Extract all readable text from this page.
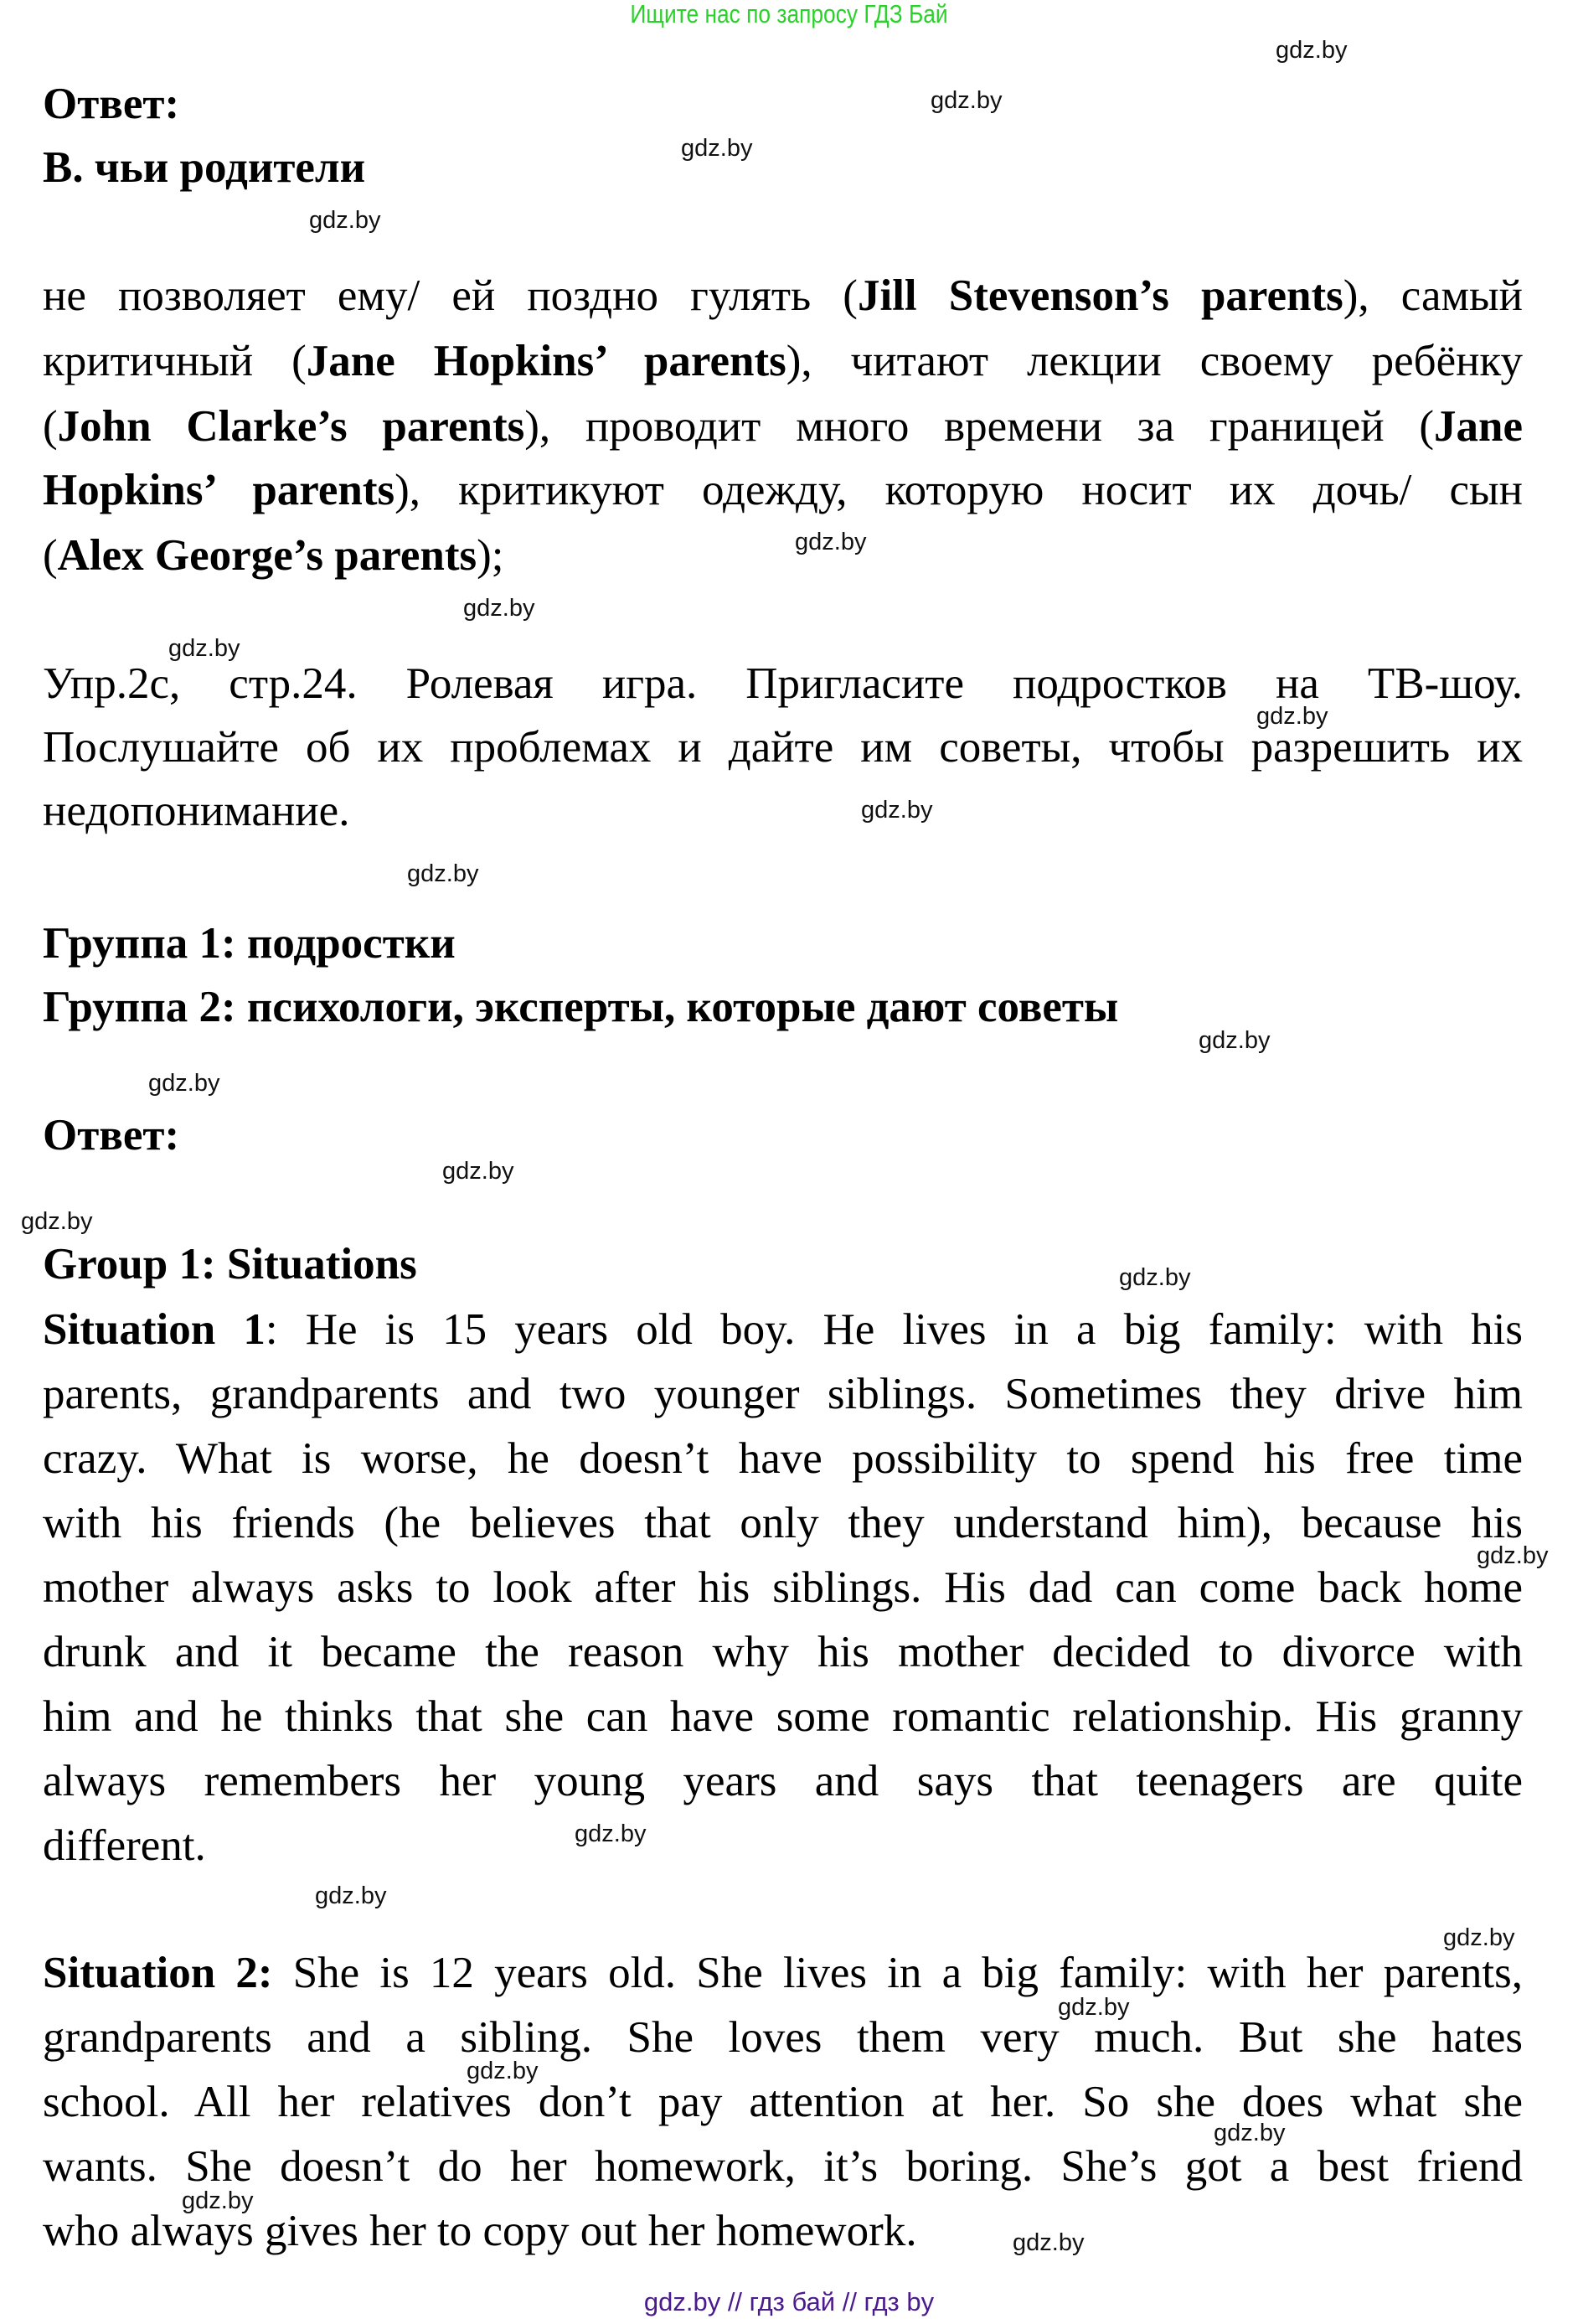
Ищите нас по запросу ГДЗ Бай
Ответ:
В. чьи родители
не позволяет ему/ ей поздно гулять (Jill Stevenson’s parents), самый
критичный (Jane Hopkins’ parents), читают лекции своему ребёнку
(John Clarke’s parents), проводит много времени за границей (Jane
Hopkins’ parents), критикуют одежду, которую носит их дочь/ сын
(Alex George’s parents);
Упр.2с, стр.24. Ролевая игра. Пригласите подростков на ТВ-шоу.
Послушайте об их проблемах и дайте им советы, чтобы разрешить их
недопонимание.
Группа 1: подростки
Группа 2: психологи, эксперты, которые дают советы
Ответ:
Group 1: Situations
Situation 1: He is 15 years old boy. He lives in a big family: with his
parents, grandparents and two younger siblings. Sometimes they drive him
crazy. What is worse, he doesn’t have possibility to spend his free time
with his friends (he believes that only they understand him), because his
mother always asks to look after his siblings. His dad can come back home
drunk and it became the reason why his mother decided to divorce with
him and he thinks that she can have some romantic relationship. His granny
always remembers her young years and says that teenagers are quite
different.
Situation 2: She is 12 years old. She lives in a big family: with her parents,
grandparents and a sibling. She loves them very much. But she hates
school. All her relatives don’t pay attention at her. So she does what she
wants. She doesn’t do her homework, it’s boring. She’s got a best friend
who always gives her to copy out her homework.
gdz.by
gdz.by
gdz.by
gdz.by
gdz.by
gdz.by
gdz.by
gdz.by
gdz.by
gdz.by
gdz.by
gdz.by
gdz.by
gdz.by
gdz.by
gdz.by
gdz.by
gdz.by
gdz.by
gdz.by
gdz.by
gdz.by
gdz.by
gdz.by
gdz.by // гдз бай // гдз by
